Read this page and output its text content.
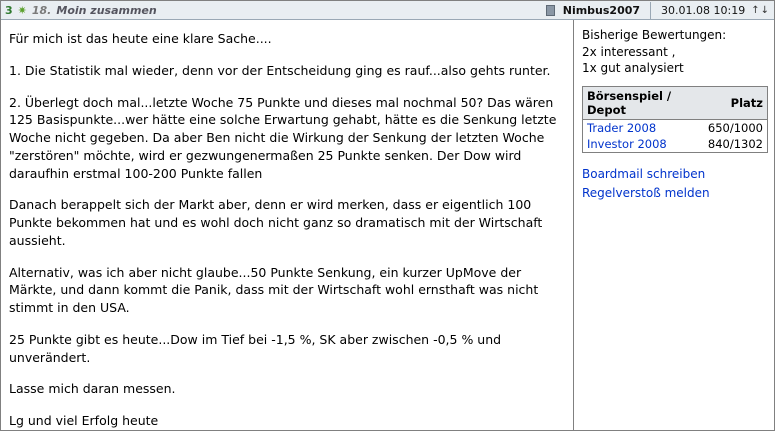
3 ✷ 18. Moin zusammen	Nimbus2007 30.01.08 10:19 ↑↓

Für mich ist das heute eine klare Sache....

1. Die Statistik mal wieder, denn vor der Entscheidung ging es rauf...also gehts runter.

2. Überlegt doch mal...letzte Woche 75 Punkte und dieses mal nochmal 50? Das wären 125 Basispunkte...wer hätte eine solche Erwartung gehabt, hätte es die Senkung letzte Woche nicht gegeben. Da aber Ben nicht die Wirkung der Senkung der letzten Woche "zerstören" möchte, wird er gezwungenermaßen 25 Punkte senken. Der Dow wird daraufhin erstmal 100-200 Punkte fallen

Danach berappelt sich der Markt aber, denn er wird merken, dass er eigentlich 100 Punkte bekommen hat und es wohl doch nicht ganz so dramatisch mit der Wirtschaft aussieht.

Alternativ, was ich aber nicht glaube...50 Punkte Senkung, ein kurzer UpMove der Märkte, und dann kommt die Panik, dass mit der Wirtschaft wohl ernsthaft was nicht stimmt in den USA.

25 Punkte gibt es heute...Dow im Tief bei -1,5 %, SK aber zwischen -0,5 % und unverändert.

Lasse mich daran messen.

Lg und viel Erfolg heute

Bisherige Bewertungen:
2x interessant ,
1x gut analysiert
Börsenspiel / Depot	Platz
Trader 2008	650/1000
Investor 2008	840/1302
Boardmail schreiben
Regelverstoß melden
